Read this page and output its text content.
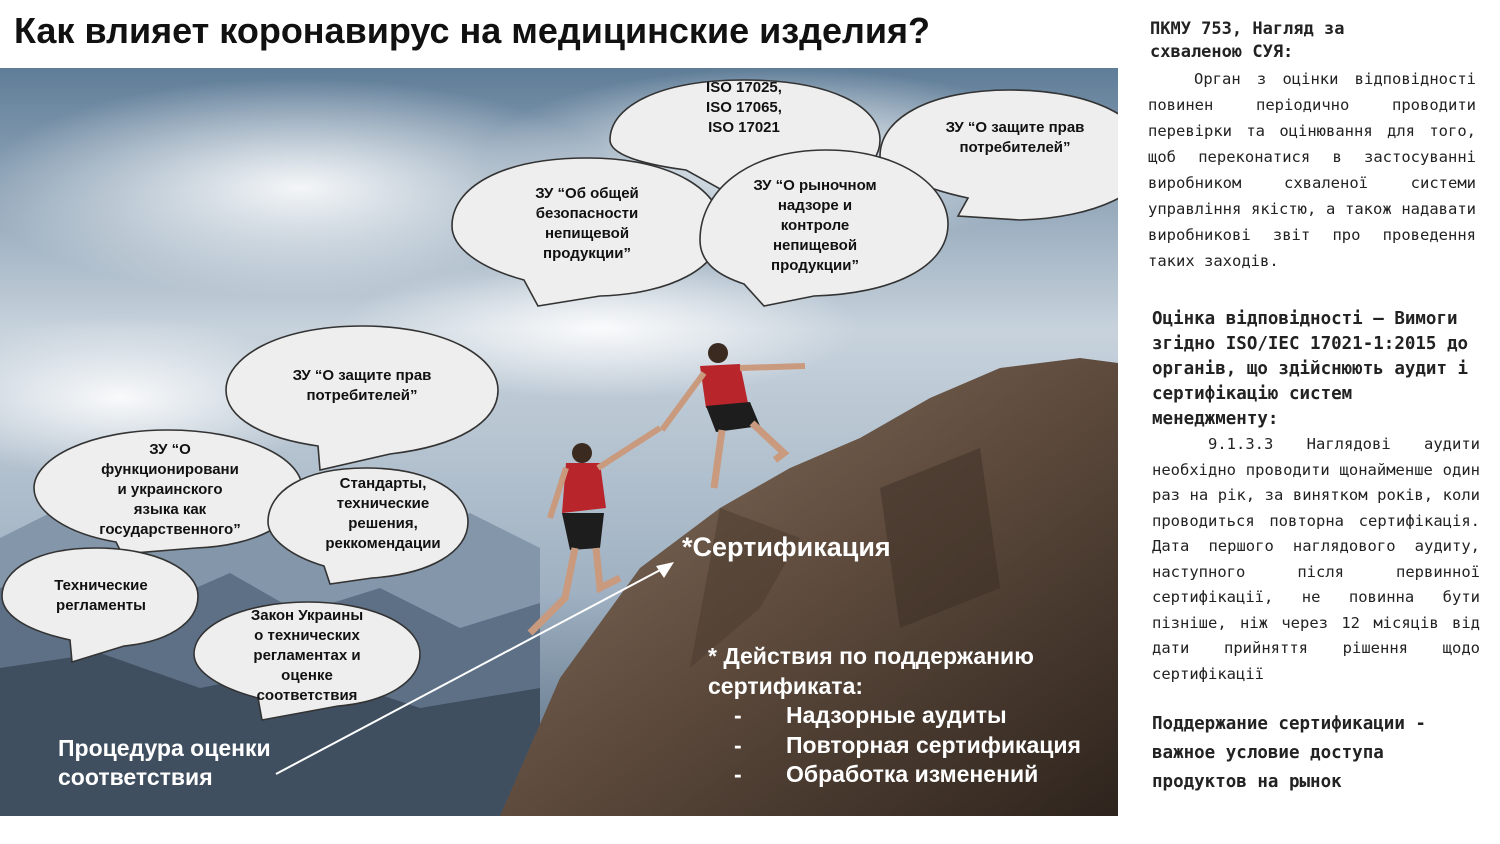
Как влияет коронавирус на медицинские изделия?
ISO 17025,
ISO 17065,
ISO 17021	ЗУ “О защите прав
потребителей”
ЗУ “Об общей
безопасности
непищевой
продукции”
ЗУ “О рыночном
надзоре и
контроле
непищевой
продукции”
ЗУ “О защите прав
потребителей”
ЗУ “О
функционировани
и украинского
языка как
государственного”
Стандарты,
технические
решения,
реккомендации
Технические
регламенты
Закон Украины
о технических
регламентах и
оценке
соответствия
*Сертификация
* Действия по поддержанию
сертификата:
-	Надзорные аудиты
-	Повторная сертификация
-	Обработка изменений
Процедура оценки
соответствия
ПКМУ 753, Нагляд за
схваленою СУЯ:
Орган з оцінки відповідності повинен періодично проводити перевірки та оцінювання для того, щоб переконатися в застосуванні виробником схваленої системи управління якістю, а також надавати виробникові звіт про проведення таких заходів.
Оцінка відповідності – Вимоги згідно ISO/IEC 17021-1:2015 до органів, що здійснюють аудит і сертифікацію систем менеджменту:
9.1.3.3 Наглядові аудити необхідно проводити щонайменше один раз на рік, за винятком років, коли проводиться повторна сертифікація. Дата першого наглядового аудиту, наступного після первинної сертифікації, не повинна бути пізніше, ніж через 12 місяців від дати прийняття рішення щодо сертифікації
Поддержание сертификации - важное условие доступа продуктов на рынок
